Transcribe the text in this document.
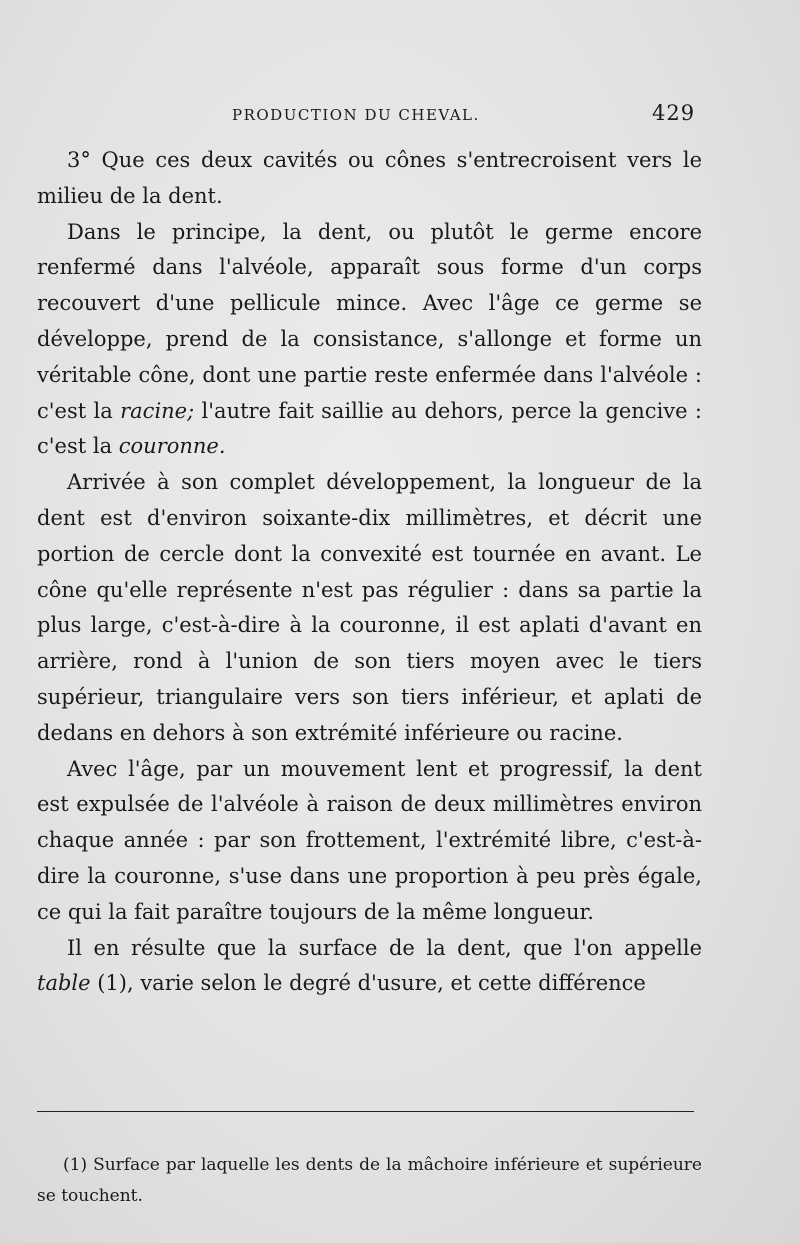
PRODUCTION DU CHEVAL.	429

3° Que ces deux cavités ou cônes s'entrecroisent vers le milieu de la dent.

Dans le principe, la dent, ou plutôt le germe encore renfermé dans l'alvéole, apparaît sous forme d'un corps recouvert d'une pellicule mince. Avec l'âge ce germe se développe, prend de la consistance, s'allonge et forme un véritable cône, dont une partie reste enfermée dans l'alvéole : c'est la racine; l'autre fait saillie au dehors, perce la gencive : c'est la couronne.

Arrivée à son complet développement, la longueur de la dent est d'environ soixante-dix millimètres, et décrit une portion de cercle dont la convexité est tournée en avant. Le cône qu'elle représente n'est pas régulier : dans sa partie la plus large, c'est-à-dire à la couronne, il est aplati d'avant en arrière, rond à l'union de son tiers moyen avec le tiers supérieur, triangulaire vers son tiers inférieur, et aplati de dedans en dehors à son extrémité inférieure ou racine.

Avec l'âge, par un mouvement lent et progressif, la dent est expulsée de l'alvéole à raison de deux millimètres environ chaque année : par son frottement, l'extrémité libre, c'est-à-dire la couronne, s'use dans une proportion à peu près égale, ce qui la fait paraître toujours de la même longueur.

Il en résulte que la surface de la dent, que l'on appelle table (1), varie selon le degré d'usure, et cette différence

(1) Surface par laquelle les dents de la mâchoire inférieure et supérieure se touchent.
